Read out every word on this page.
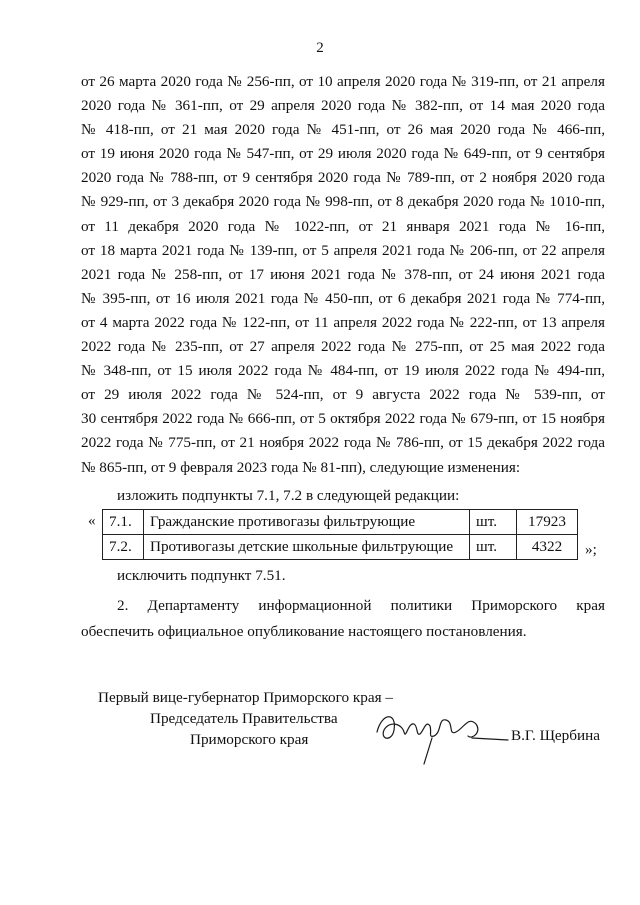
2
от 26 марта 2020 года № 256-пп, от 10 апреля 2020 года № 319-пп, от 21 апреля
2020 года № 361-пп, от 29 апреля 2020 года № 382-пп, от 14 мая 2020 года
№ 418-пп, от 21 мая 2020 года № 451-пп, от 26 мая 2020 года № 466-пп,
от 19 июня 2020 года № 547-пп, от 29 июля 2020 года № 649-пп, от 9 сентября
2020 года № 788-пп, от 9 сентября 2020 года № 789-пп, от 2 ноября 2020 года
№ 929-пп, от 3 декабря 2020 года № 998-пп, от 8 декабря 2020 года № 1010-пп,
от 11 декабря 2020 года № 1022-пп, от 21 января 2021 года № 16-пп,
от 18 марта 2021 года № 139-пп, от 5 апреля 2021 года № 206-пп, от 22 апреля
2021 года № 258-пп, от 17 июня 2021 года № 378-пп, от 24 июня 2021 года
№ 395-пп, от 16 июля 2021 года № 450-пп, от 6 декабря 2021 года № 774-пп,
от 4 марта 2022 года № 122-пп, от 11 апреля 2022 года № 222-пп, от 13 апреля
2022 года № 235-пп, от 27 апреля 2022 года № 275-пп, от 25 мая 2022 года
№ 348-пп, от 15 июля 2022 года № 484-пп, от 19 июля 2022 года № 494-пп,
от 29 июля 2022 года № 524-пп, от 9 августа 2022 года № 539-пп, от
30 сентября 2022 года № 666-пп, от 5 октября 2022 года № 679-пп, от 15 ноября
2022 года № 775-пп, от 21 ноября 2022 года № 786-пп, от 15 декабря 2022 года
№ 865-пп, от 9 февраля 2023 года № 81-пп), следующие изменения:

изложить подпункты 7.1, 7.2 в следующей редакции:

« 7.1.	Гражданские противогазы фильтрующие	шт.	17923
7.2.	Противогазы детские школьные фильтрующие	шт.	4322 »;

исключить подпункт 7.51.

2. Департаменту информационной политики Приморского края
обеспечить официальное опубликование настоящего постановления.
Первый вице-губернатор Приморского края –
Председатель Правительства
Приморского края	В.Г. Щербина
